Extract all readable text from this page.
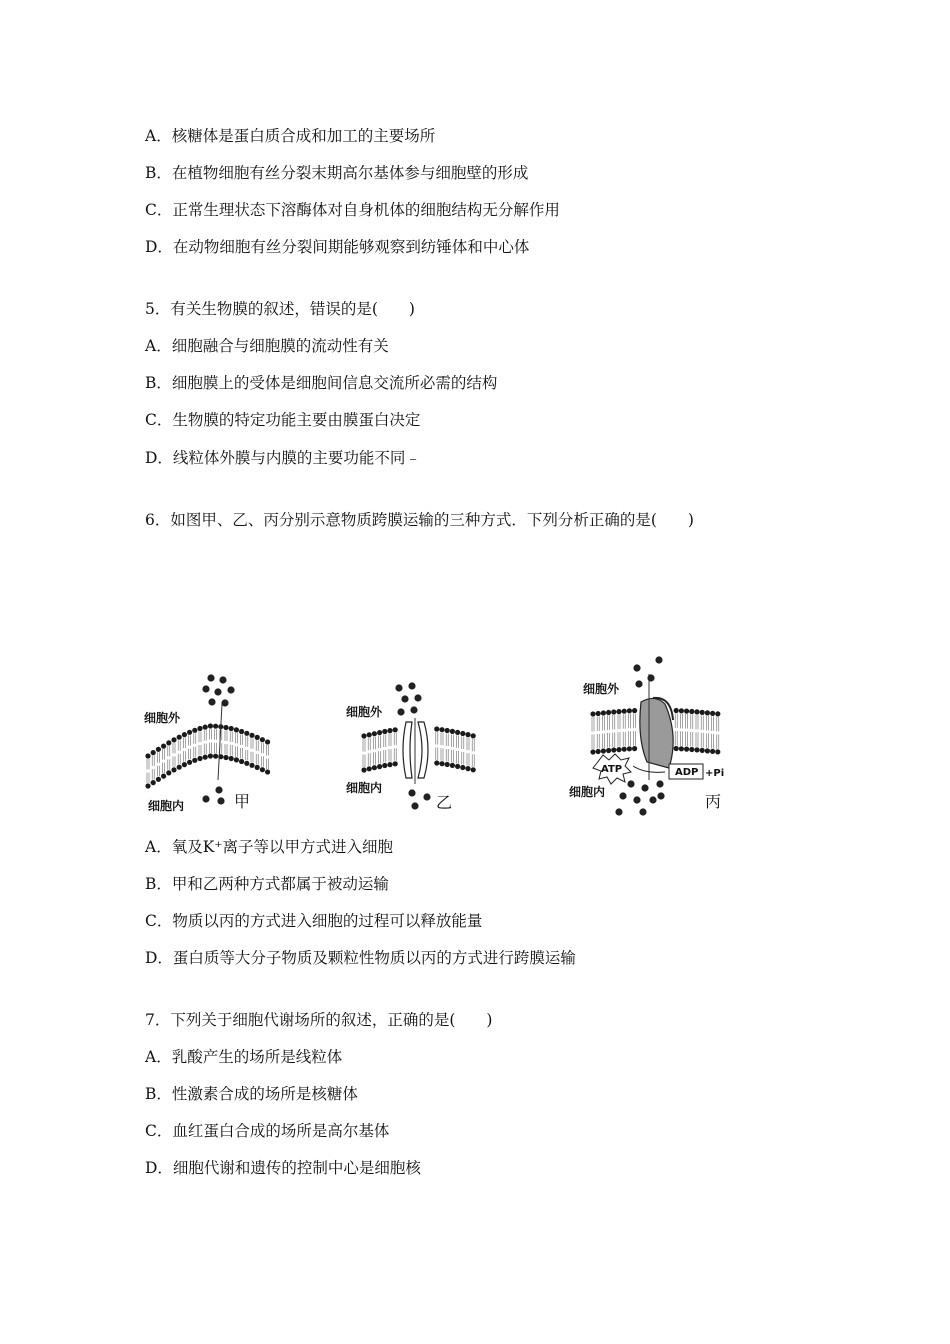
A．核糖体是蛋白质合成和加工的主要场所
B．在植物细胞有丝分裂末期高尔基体参与细胞壁的形成
C．正常生理状态下溶酶体对自身机体的细胞结构无分解作用
D．在动物细胞有丝分裂间期能够观察到纺锤体和中心体
5．有关生物膜的叙述，错误的是(　　)
A．细胞融合与细胞膜的流动性有关
B．细胞膜上的受体是细胞间信息交流所必需的结构
C．生物膜的特定功能主要由膜蛋白决定
D．线粒体外膜与内膜的主要功能不同﹣
6．如图甲、乙、丙分别示意物质跨膜运输的三种方式．下列分析正确的是(　　)
细胞外
细胞内	甲
细胞外
细胞内
乙
细胞外
细胞内	丙
ATP	ADP +Pi
A．氧及K⁺离子等以甲方式进入细胞
B．甲和乙两种方式都属于被动运输
C．物质以丙的方式进入细胞的过程可以释放能量
D．蛋白质等大分子物质及颗粒性物质以丙的方式进行跨膜运输
7．下列关于细胞代谢场所的叙述，正确的是(　　)
A．乳酸产生的场所是线粒体
B．性激素合成的场所是核糖体
C．血红蛋白合成的场所是高尔基体
D．细胞代谢和遗传的控制中心是细胞核
